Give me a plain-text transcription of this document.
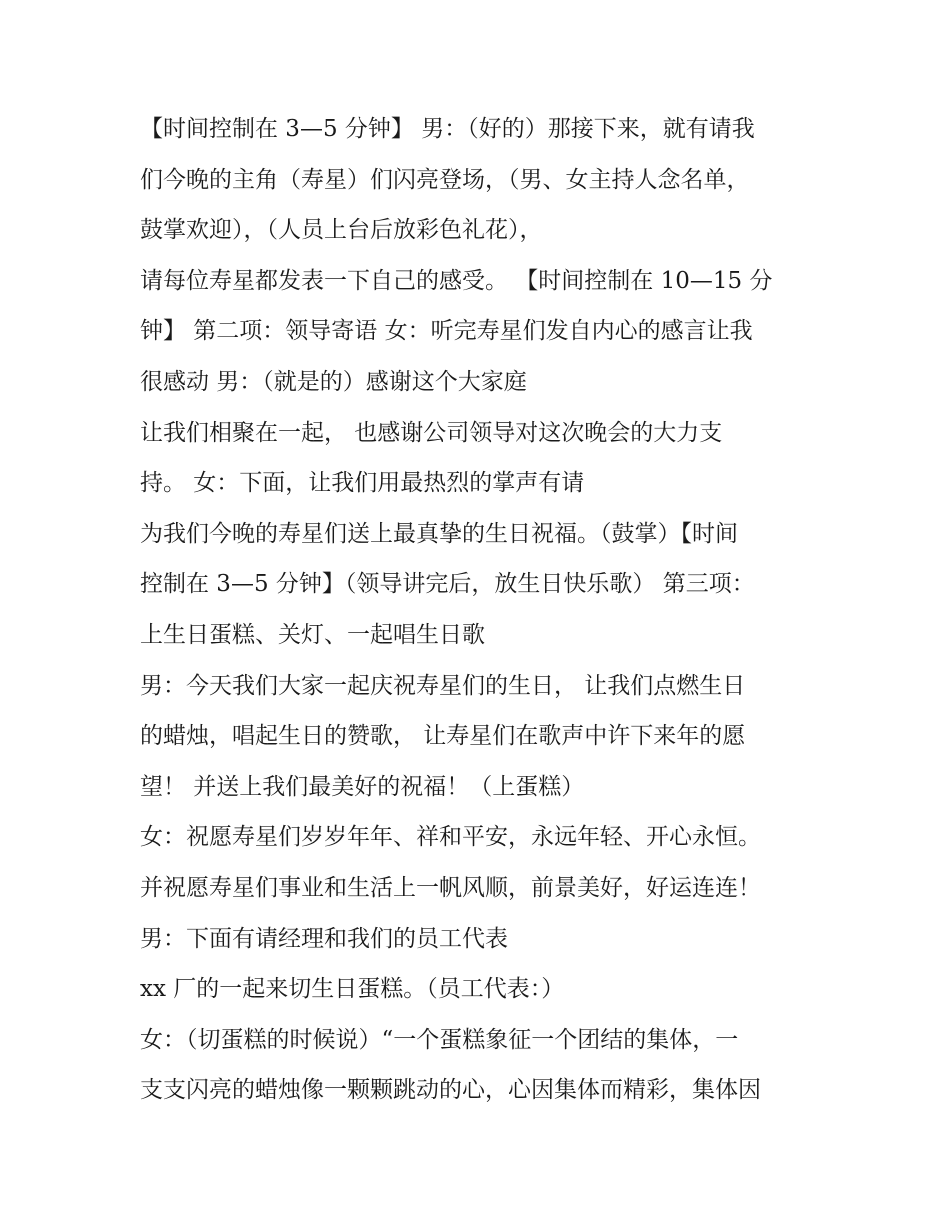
【时间控制在 3—5 分钟】 男：（好的）那接下来，就有请我
们今晚的主角（寿星）们闪亮登场，（男、女主持人念名单，
鼓掌欢迎），（人员上台后放彩色礼花），
请每位寿星都发表一下自己的感受。 【时间控制在 10—15 分
钟】 第二项：领导寄语 女：听完寿星们发自内心的感言让我
很感动 男：（就是的）感谢这个大家庭
让我们相聚在一起， 也感谢公司领导对这次晚会的大力支
持。 女：下面，让我们用最热烈的掌声有请
为我们今晚的寿星们送上最真挚的生日祝福。（鼓掌）【时间
控制在 3—5 分钟】（领导讲完后，放生日快乐歌） 第三项：
上生日蛋糕、关灯、一起唱生日歌
男：今天我们大家一起庆祝寿星们的生日， 让我们点燃生日
的蜡烛，唱起生日的赞歌， 让寿星们在歌声中许下来年的愿
望！ 并送上我们最美好的祝福！（上蛋糕）
女：祝愿寿星们岁岁年年、祥和平安，永远年轻、开心永恒。
并祝愿寿星们事业和生活上一帆风顺，前景美好，好运连连！
男：下面有请经理和我们的员工代表
xx 厂的一起来切生日蛋糕。（员工代表：）
女：（切蛋糕的时候说）“一个蛋糕象征一个团结的集体，一
支支闪亮的蜡烛像一颗颗跳动的心，心因集体而精彩，集体因
